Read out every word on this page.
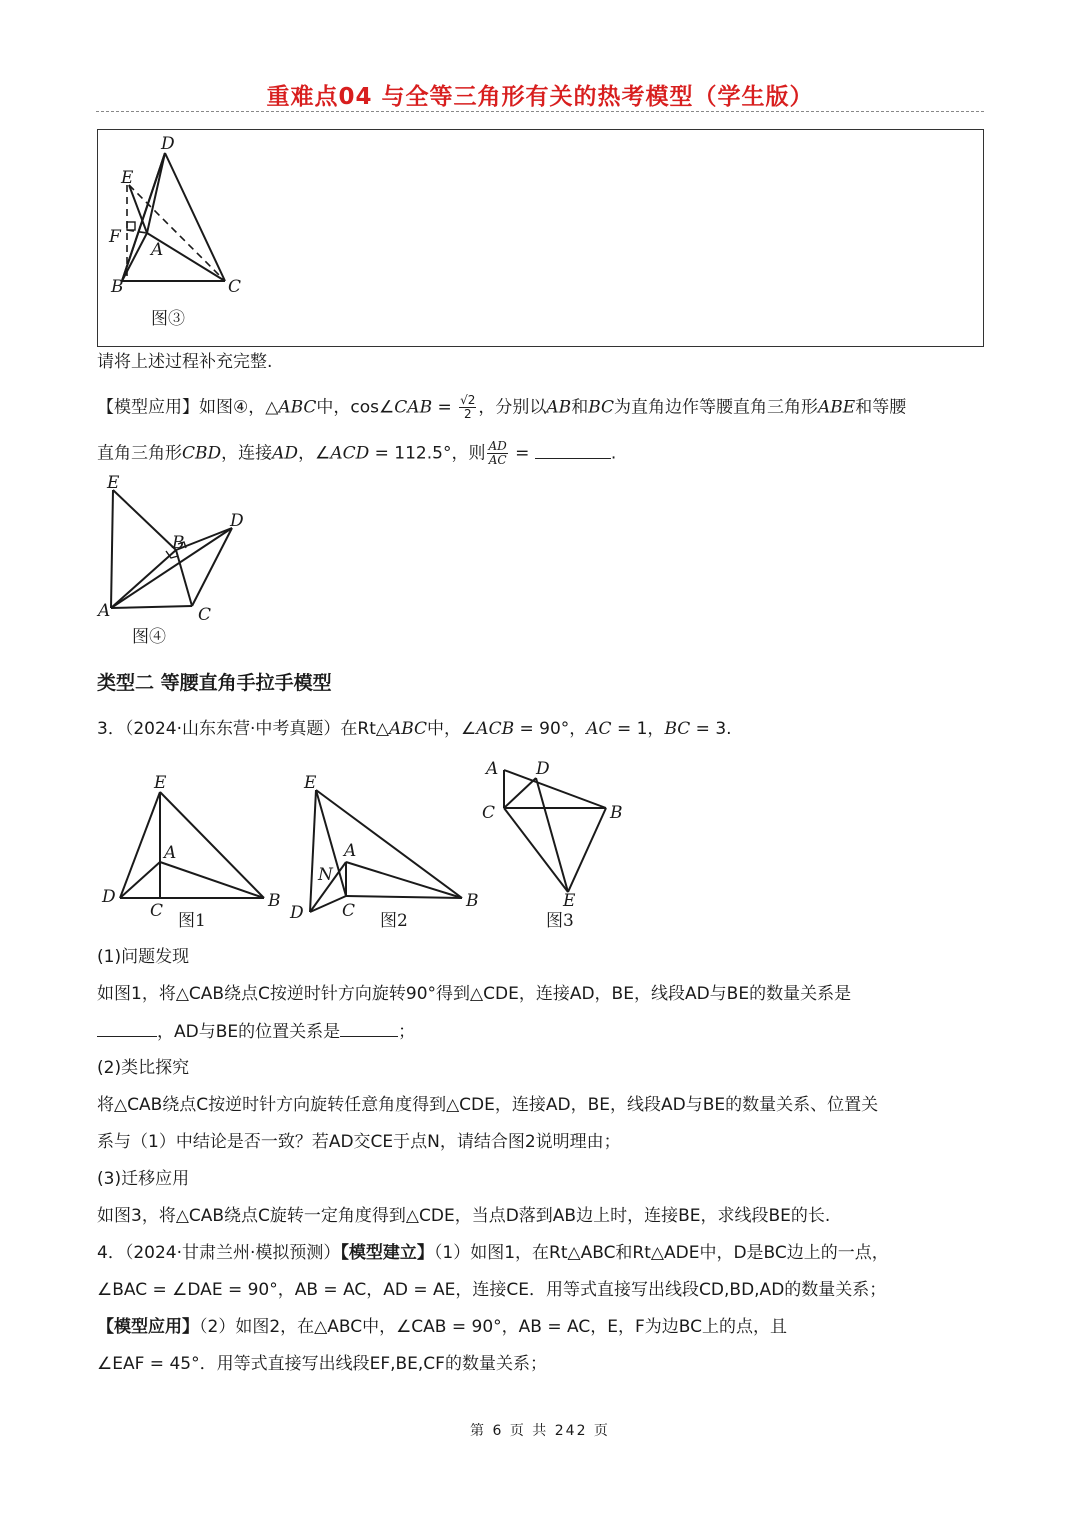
重难点04 与全等三角形有关的热考模型（学生版）
D
E
F
A
B	C
图③
请将上述过程补充完整.
【模型应用】如图④，△ABC中，cos∠CAB = $\frac{√2}{2}$ ，分别以AB和BC为直角边作等腰直角三角形ABE和等腰
直角三角形CBD，连接AD，∠ACD = 112.5°，则 $\frac{AD}{AC}$ =	.
E
B
D
A	C
图④
类型二 等腰直角手拉手模型
3．（2024·山东东营·中考真题）在Rt△ABC中，∠ACB = 90°，AC = 1，BC = 3.
E
A
D
C	B
图1
E
A
N
D C	B
图2
A D
C	B
E
图3
(1)问题发现
如图1，将△CAB绕点C按逆时针方向旋转90°得到△CDE，连接AD，BE，线段AD与BE的数量关系是
，AD与BE的位置关系是	；
(2)类比探究
将△CAB绕点C按逆时针方向旋转任意角度得到△CDE，连接AD，BE，线段AD与BE的数量关系、位置关
系与（1）中结论是否一致？若AD交CE于点N，请结合图2说明理由；
(3)迁移应用
如图3，将△CAB绕点C旋转一定角度得到△CDE，当点D落到AB边上时，连接BE，求线段BE的长.
4．（2024·甘肃兰州·模拟预测）【模型建立】（1）如图1，在Rt△ABC和Rt△ADE中，D是BC边上的一点，
∠BAC = ∠DAE = 90°，AB = AC，AD = AE，连接CE．用等式直接写出线段CD,BD,AD的数量关系；
【模型应用】（2）如图2，在△ABC中，∠CAB = 90°，AB = AC，E，F为边BC上的点，且
∠EAF = 45°．用等式直接写出线段EF,BE,CF的数量关系；
第 6 页 共 242 页
